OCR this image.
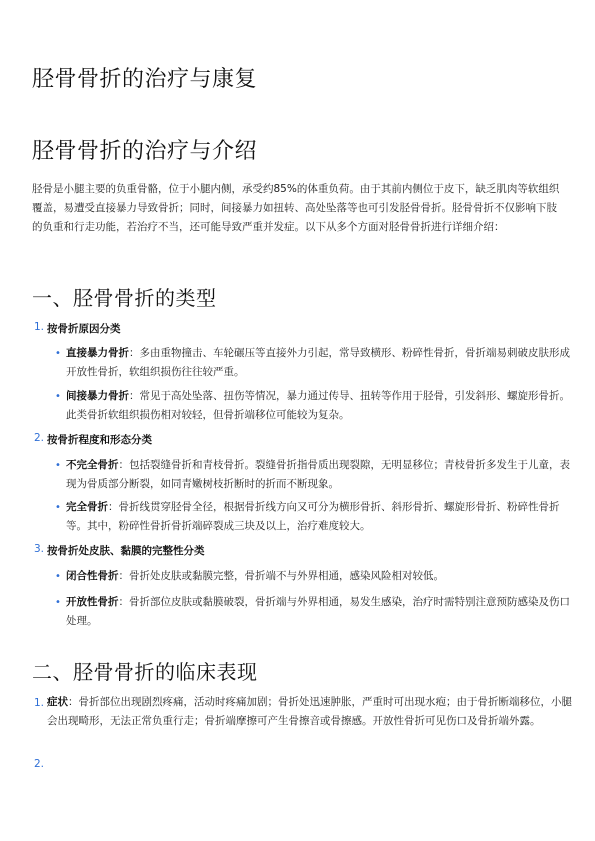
胫骨骨折的治疗与康复
胫骨骨折的治疗与介绍

胫骨是小腿主要的负重骨骼，位于小腿内侧，承受约85%的体重负荷。由于其前内侧位于皮下，缺乏肌肉等软组织覆盖，易遭受直接暴力导致骨折；同时，间接暴力如扭转、高处坠落等也可引发胫骨骨折。胫骨骨折不仅影响下肢的负重和行走功能，若治疗不当，还可能导致严重并发症。以下从多个方面对胫骨骨折进行详细介绍：

一、胫骨骨折的类型
1. 按骨折原因分类
• 直接暴力骨折：多由重物撞击、车轮碾压等直接外力引起，常导致横形、粉碎性骨折，骨折端易刺破皮肤形成开放性骨折，软组织损伤往往较严重。
• 间接暴力骨折：常见于高处坠落、扭伤等情况，暴力通过传导、扭转等作用于胫骨，引发斜形、螺旋形骨折。此类骨折软组织损伤相对较轻，但骨折端移位可能较为复杂。
2. 按骨折程度和形态分类
• 不完全骨折：包括裂缝骨折和青枝骨折。裂缝骨折指骨质出现裂隙，无明显移位；青枝骨折多发生于儿童，表现为骨质部分断裂，如同青嫩树枝折断时的折而不断现象。
• 完全骨折：骨折线贯穿胫骨全径，根据骨折线方向又可分为横形骨折、斜形骨折、螺旋形骨折、粉碎性骨折等。其中，粉碎性骨折骨折端碎裂成三块及以上，治疗难度较大。
3. 按骨折处皮肤、黏膜的完整性分类
• 闭合性骨折：骨折处皮肤或黏膜完整，骨折端不与外界相通，感染风险相对较低。
• 开放性骨折：骨折部位皮肤或黏膜破裂，骨折端与外界相通，易发生感染，治疗时需特别注意预防感染及伤口处理。
二、胫骨骨折的临床表现
1. 症状：骨折部位出现剧烈疼痛，活动时疼痛加剧；骨折处迅速肿胀，严重时可出现水疱；由于骨折断端移位，小腿会出现畸形，无法正常负重行走；骨折端摩擦可产生骨擦音或骨擦感。开放性骨折可见伤口及骨折端外露。
2.
